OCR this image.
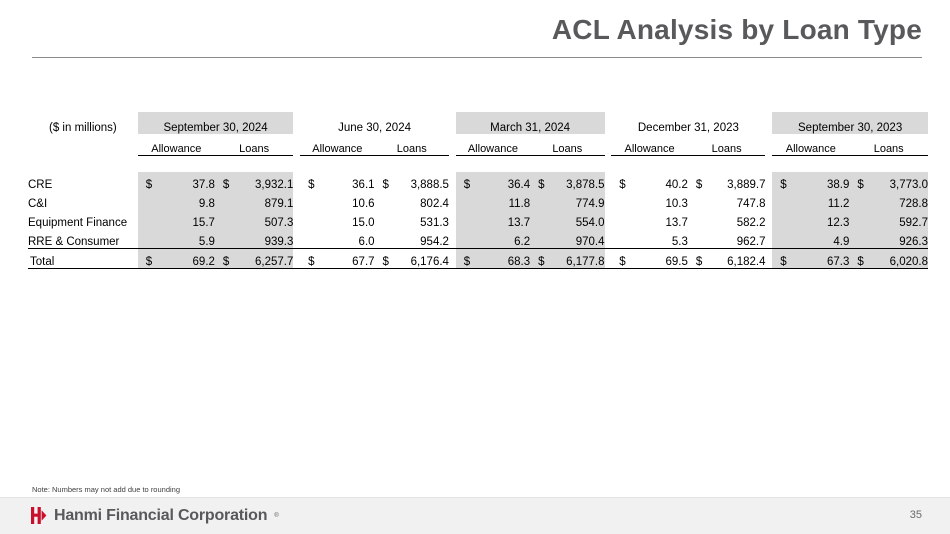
ACL Analysis by Loan Type
($ in millions)	September 30, 2024			June 30, 2024			March 31, 2024			December 31, 2023			September 30, 2023	
	Allowance	Loans		Allowance	Loans		Allowance	Loans		Allowance	Loans		Allowance	Loans

CRE	$ 37.8	$ 3,932.1		$ 36.1	$ 3,888.5		$ 36.4	$ 3,878.5		$ 40.2	$ 3,889.7		$ 38.9	$ 3,773.0
C&I	9.8	879.1		10.6	802.4		11.8	774.9		10.3	747.8		11.2	728.8
Equipment Finance	15.7	507.3		15.0	531.3		13.7	554.0		13.7	582.2		12.3	592.7
RRE & Consumer	5.9	939.3		6.0	954.2		6.2	970.4		5.3	962.7		4.9	926.3
Total	$ 69.2	$ 6,257.7		$ 67.7	$ 6,176.4		$ 68.3	$ 6,177.8		$ 69.5	$ 6,182.4		$ 67.3	$ 6,020.8
Note: Numbers may not add due to rounding
Hanmi Financial Corporation ®	35
